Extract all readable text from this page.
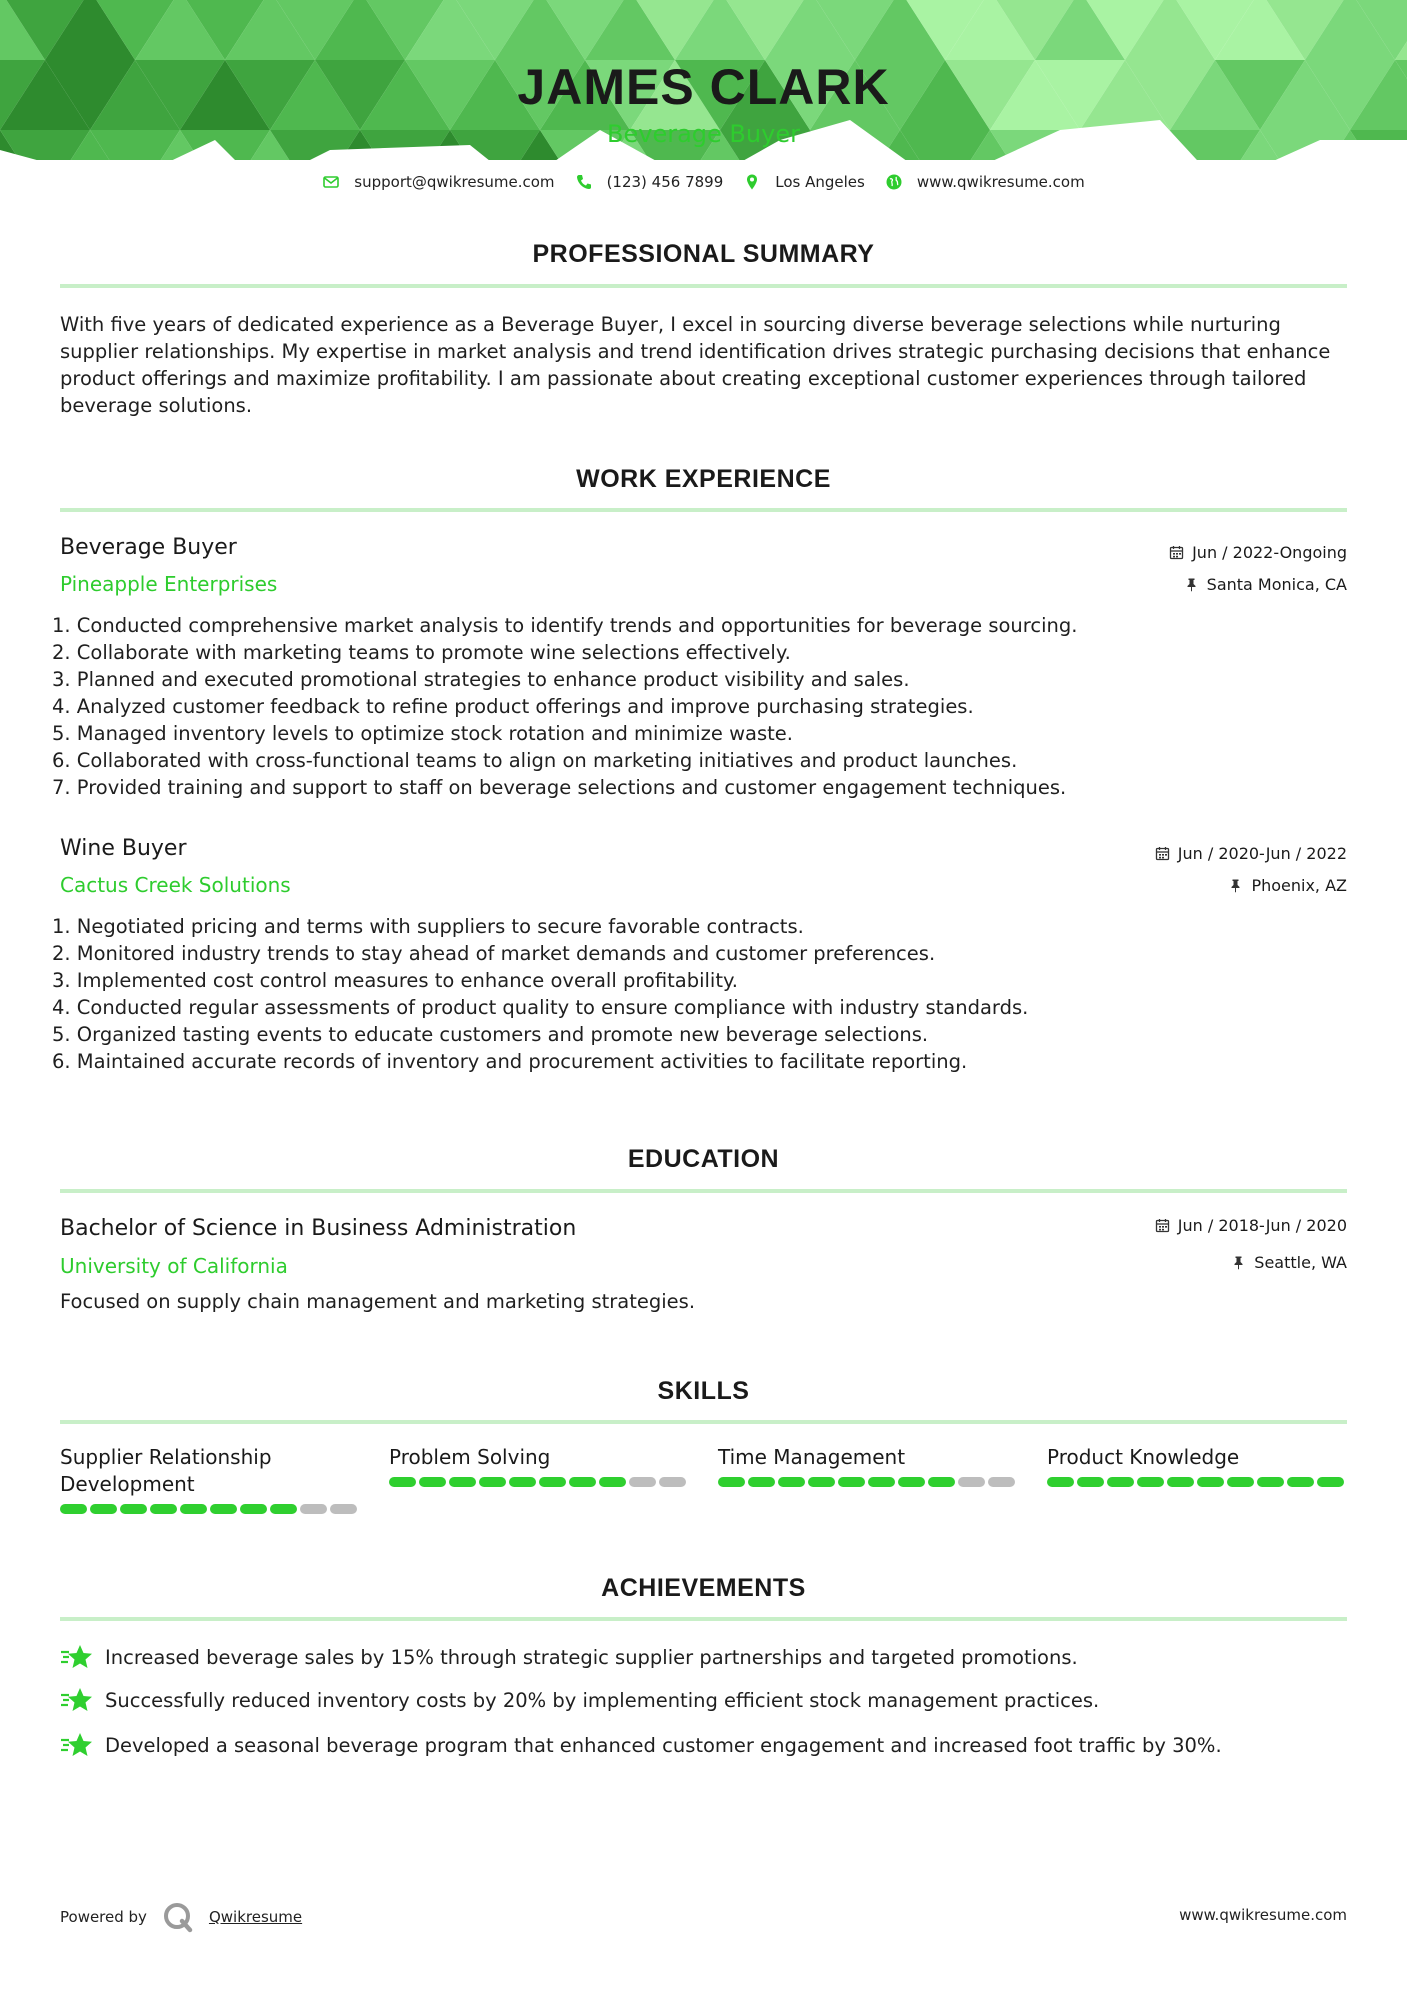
JAMES CLARK
Beverage Buyer
support@qwikresume.com	(123) 456 7899	Los Angeles	www.qwikresume.com
PROFESSIONAL SUMMARY
With five years of dedicated experience as a Beverage Buyer, I excel in sourcing diverse beverage selections while nurturing supplier relationships. My expertise in market analysis and trend identification drives strategic purchasing decisions that enhance product offerings and maximize profitability. I am passionate about creating exceptional customer experiences through tailored beverage solutions.
WORK EXPERIENCE
Beverage Buyer
Pineapple Enterprises
Jun / 2022-Ongoing
Santa Monica, CA
1. Conducted comprehensive market analysis to identify trends and opportunities for beverage sourcing.
2. Collaborate with marketing teams to promote wine selections effectively.
3. Planned and executed promotional strategies to enhance product visibility and sales.
4. Analyzed customer feedback to refine product offerings and improve purchasing strategies.
5. Managed inventory levels to optimize stock rotation and minimize waste.
6. Collaborated with cross-functional teams to align on marketing initiatives and product launches.
7. Provided training and support to staff on beverage selections and customer engagement techniques.
Wine Buyer
Cactus Creek Solutions
Jun / 2020-Jun / 2022
Phoenix, AZ
1. Negotiated pricing and terms with suppliers to secure favorable contracts.
2. Monitored industry trends to stay ahead of market demands and customer preferences.
3. Implemented cost control measures to enhance overall profitability.
4. Conducted regular assessments of product quality to ensure compliance with industry standards.
5. Organized tasting events to educate customers and promote new beverage selections.
6. Maintained accurate records of inventory and procurement activities to facilitate reporting.
EDUCATION
Bachelor of Science in Business Administration
University of California
Jun / 2018-Jun / 2020
Seattle, WA
Focused on supply chain management and marketing strategies.
SKILLS
Supplier Relationship Development
Problem Solving	Time Management	Product Knowledge
ACHIEVEMENTS
Increased beverage sales by 15% through strategic supplier partnerships and targeted promotions.
Successfully reduced inventory costs by 20% by implementing efficient stock management practices.
Developed a seasonal beverage program that enhanced customer engagement and increased foot traffic by 30%.
Powered by	Qwikresume	www.qwikresume.com
